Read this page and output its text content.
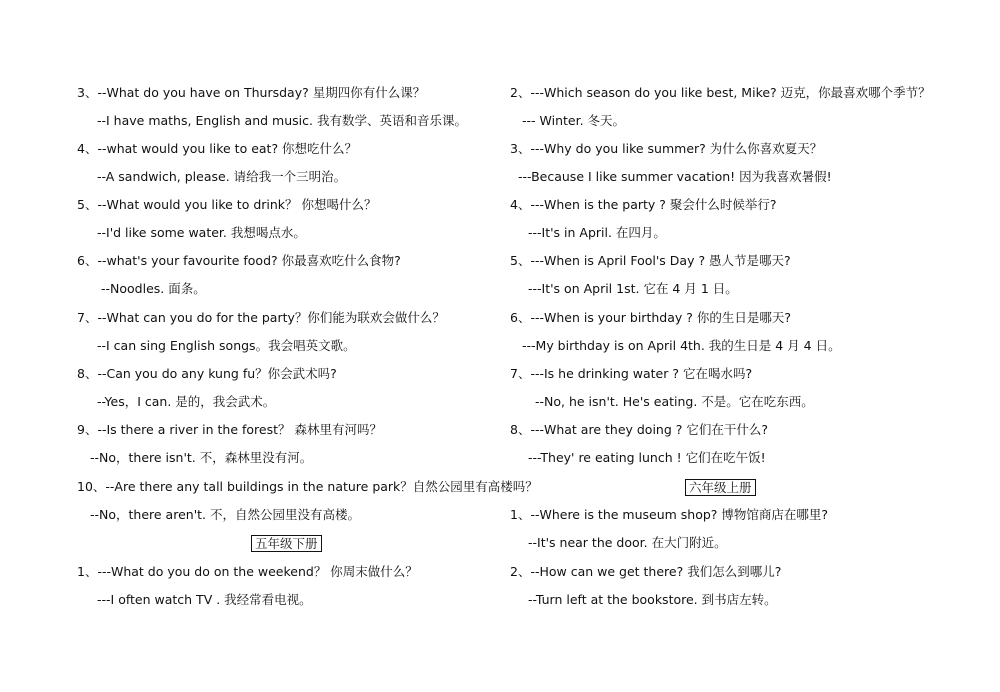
3、--What do you have on Thursday? 星期四你有什么课？
--I have maths, English and music. 我有数学、英语和音乐课。
4、--what would you like to eat? 你想吃什么？
--A sandwich, please. 请给我一个三明治。
5、--What would you like to drink？ 你想喝什么？
--I'd like some water. 我想喝点水。
6、--what's your favourite food? 你最喜欢吃什么食物?
--Noodles. 面条。
7、--What can you do for the party？你们能为联欢会做什么？
--I can sing English songs。我会唱英文歌。
8、--Can you do any kung fu？你会武术吗?
--Yes，I can. 是的，我会武术。
9、--Is there a river in the forest？ 森林里有河吗？
--No，there isn't. 不，森林里没有河。
10、--Are there any tall buildings in the nature park？自然公园里有高楼吗？
--No，there aren't. 不，自然公园里没有高楼。
五年级下册
1、---What do you do on the weekend？ 你周末做什么？
---I often watch TV . 我经常看电视。
2、---Which season do you like best, Mike? 迈克，你最喜欢哪个季节？
--- Winter. 冬天。
3、---Why do you like summer? 为什么你喜欢夏天？
---Because I like summer vacation! 因为我喜欢暑假!
4、---When is the party ? 聚会什么时候举行?
---It's in April. 在四月。
5、---When is April Fool's Day ? 愚人节是哪天?
---It's on April 1st. 它在 4 月 1 日。
6、---When is your birthday ? 你的生日是哪天?
---My birthday is on April 4th. 我的生日是 4 月 4 日。
7、---Is he drinking water ? 它在喝水吗?
--No, he isn't. He's eating. 不是。它在吃东西。
8、---What are they doing ? 它们在干什么?
---They' re eating lunch ! 它们在吃午饭!
六年级上册
1、--Where is the museum shop? 博物馆商店在哪里?
--It's near the door. 在大门附近。
2、--How can we get there? 我们怎么到哪儿?
--Turn left at the bookstore. 到书店左转。
